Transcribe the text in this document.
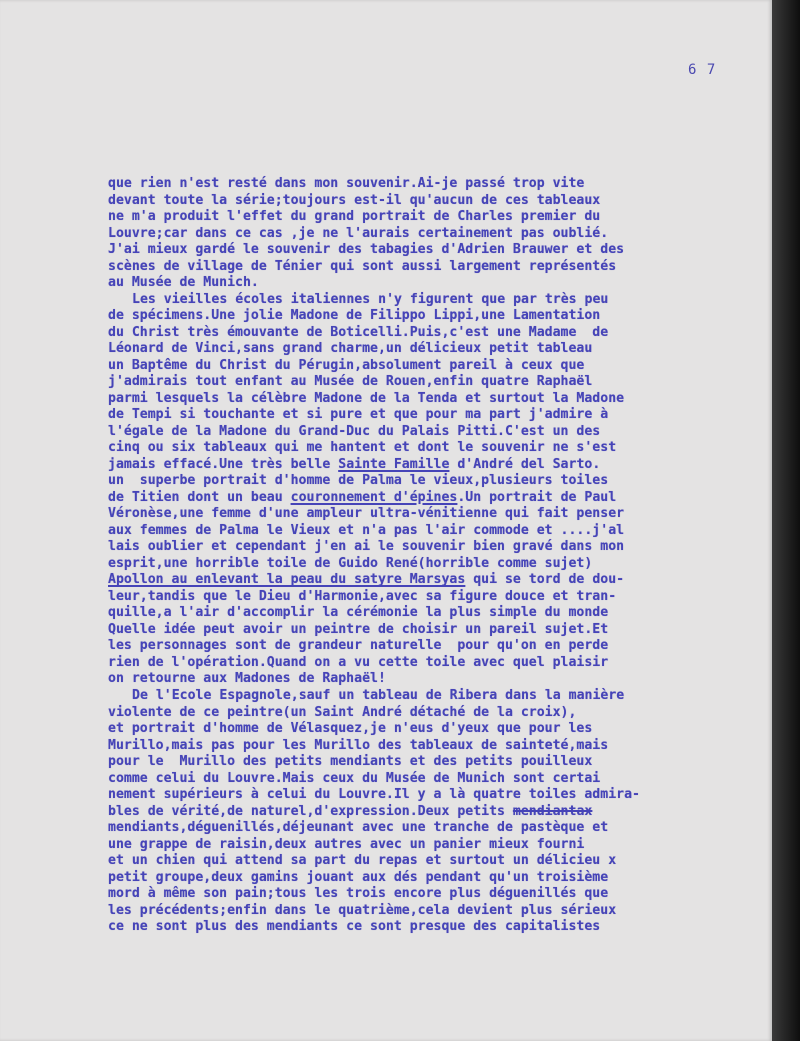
6 7
que rien n'est resté dans mon souvenir.Ai-je passé trop vite
devant toute la série;toujours est-il qu'aucun de ces tableaux
ne m'a produit l'effet du grand portrait de Charles premier du
Louvre;car dans ce cas ,je ne l'aurais certainement pas oublié.
J'ai mieux gardé le souvenir des tabagies d'Adrien Brauwer et des
scènes de village de Ténier qui sont aussi largement représentés
au Musée de Munich.
Les vieilles écoles italiennes n'y figurent que par très peu
de spécimens.Une jolie Madone de Filippo Lippi,une Lamentation
du Christ très émouvante de Boticelli.Puis,c'est une Madame  de
Léonard de Vinci,sans grand charme,un délicieux petit tableau
un Baptême du Christ du Pérugin,absolument pareil à ceux que
j'admirais tout enfant au Musée de Rouen,enfin quatre Raphaël
parmi lesquels la célèbre Madone de la Tenda et surtout la Madone
de Tempi si touchante et si pure et que pour ma part j'admire à
l'égale de la Madone du Grand-Duc du Palais Pitti.C'est un des
cinq ou six tableaux qui me hantent et dont le souvenir ne s'est
jamais effacé.Une très belle Sainte Famille d'André del Sarto.
un  superbe portrait d'homme de Palma le vieux,plusieurs toiles
de Titien dont un beau couronnement d'épines.Un portrait de Paul
Véronèse,une femme d'une ampleur ultra-vénitienne qui fait penser
aux femmes de Palma le Vieux et n'a pas l'air commode et ....j'al
lais oublier et cependant j'en ai le souvenir bien gravé dans mon
esprit,une horrible toile de Guido René(horrible comme sujet)
Apollon au enlevant la peau du satyre Marsyas qui se tord de dou-
leur,tandis que le Dieu d'Harmonie,avec sa figure douce et tran-
quille,a l'air d'accomplir la cérémonie la plus simple du monde
Quelle idée peut avoir un peintre de choisir un pareil sujet.Et
les personnages sont de grandeur naturelle  pour qu'on en perde
rien de l'opération.Quand on a vu cette toile avec quel plaisir
on retourne aux Madones de Raphaël!
De l'Ecole Espagnole,sauf un tableau de Ribera dans la manière
violente de ce peintre(un Saint André détaché de la croix),
et portrait d'homme de Vélasquez,je n'eus d'yeux que pour les
Murillo,mais pas pour les Murillo des tableaux de sainteté,mais
pour le  Murillo des petits mendiants et des petits pouilleux
comme celui du Louvre.Mais ceux du Musée de Munich sont certai
nement supérieurs à celui du Louvre.Il y a là quatre toiles admira-
bles de vérité,de naturel,d'expression.Deux petits mendiantax
mendiants,déguenillés,déjeunant avec une tranche de pastèque et
une grappe de raisin,deux autres avec un panier mieux fourni
et un chien qui attend sa part du repas et surtout un délicieu x
petit groupe,deux gamins jouant aux dés pendant qu'un troisième
mord à même son pain;tous les trois encore plus déguenillés que
les précédents;enfin dans le quatrième,cela devient plus sérieux
ce ne sont plus des mendiants ce sont presque des capitalistes
